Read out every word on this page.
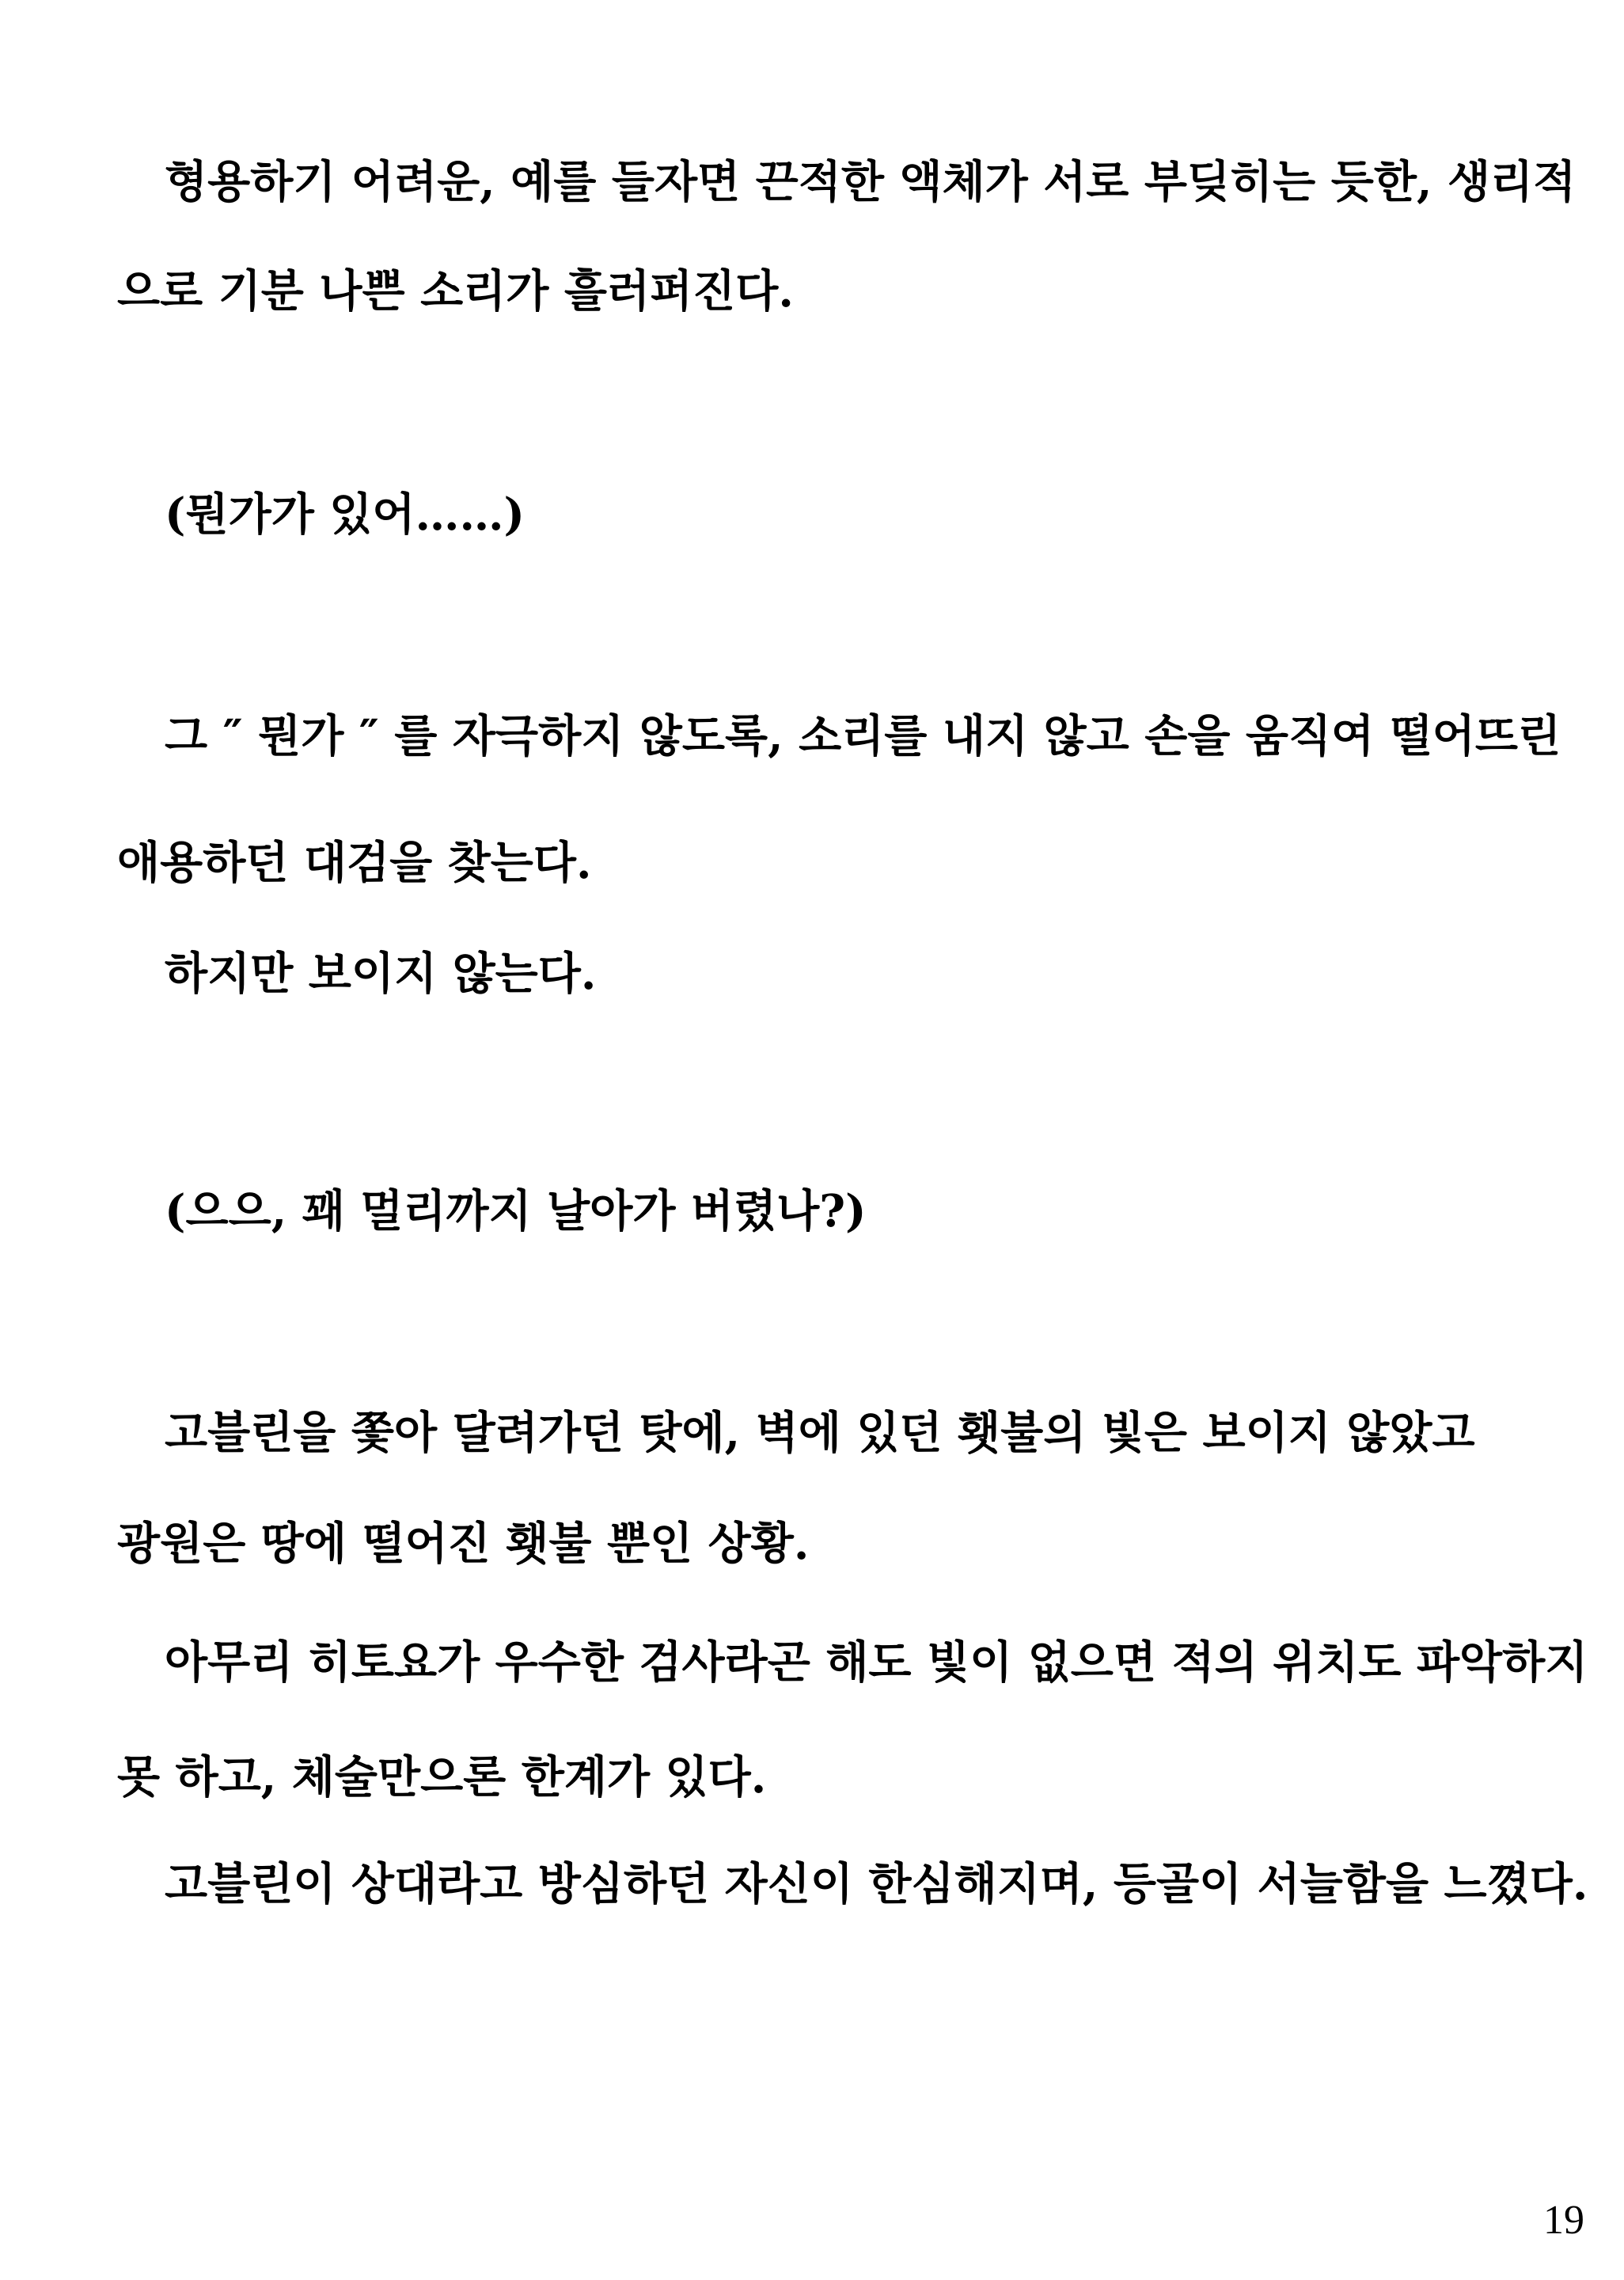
형용하기 어려운, 예를 들자면 끈적한 액체가 서로 부딪히는 듯한, 생리적
으로 기분 나쁜 소리가 흘러퍼진다.
(뭔가가 있어……)
그 ″ 뭔가 ″ 를 자극하지 않도록, 소리를 내지 않고 손을 움직여 떨어뜨린
애용하던 대검을 찾는다.
하지만 보이지 않는다.
(으으, 꽤 멀리까지 날아가 버렸나?)
고블린을 쫓아 달려가던 탓에, 벽에 있던 횃불의 빛은 보이지 않았고
광원은 땅에 떨어진 횃불 뿐인 상황.
아무리 히토요가 우수한 검사라곤 해도 빛이 없으면 적의 위치도 파악하지
못 하고, 체술만으론 한계가 있다.
고블린이 상대라고 방심하던 자신이 한심해지며, 등골이 서늘함을 느꼈다.
19
